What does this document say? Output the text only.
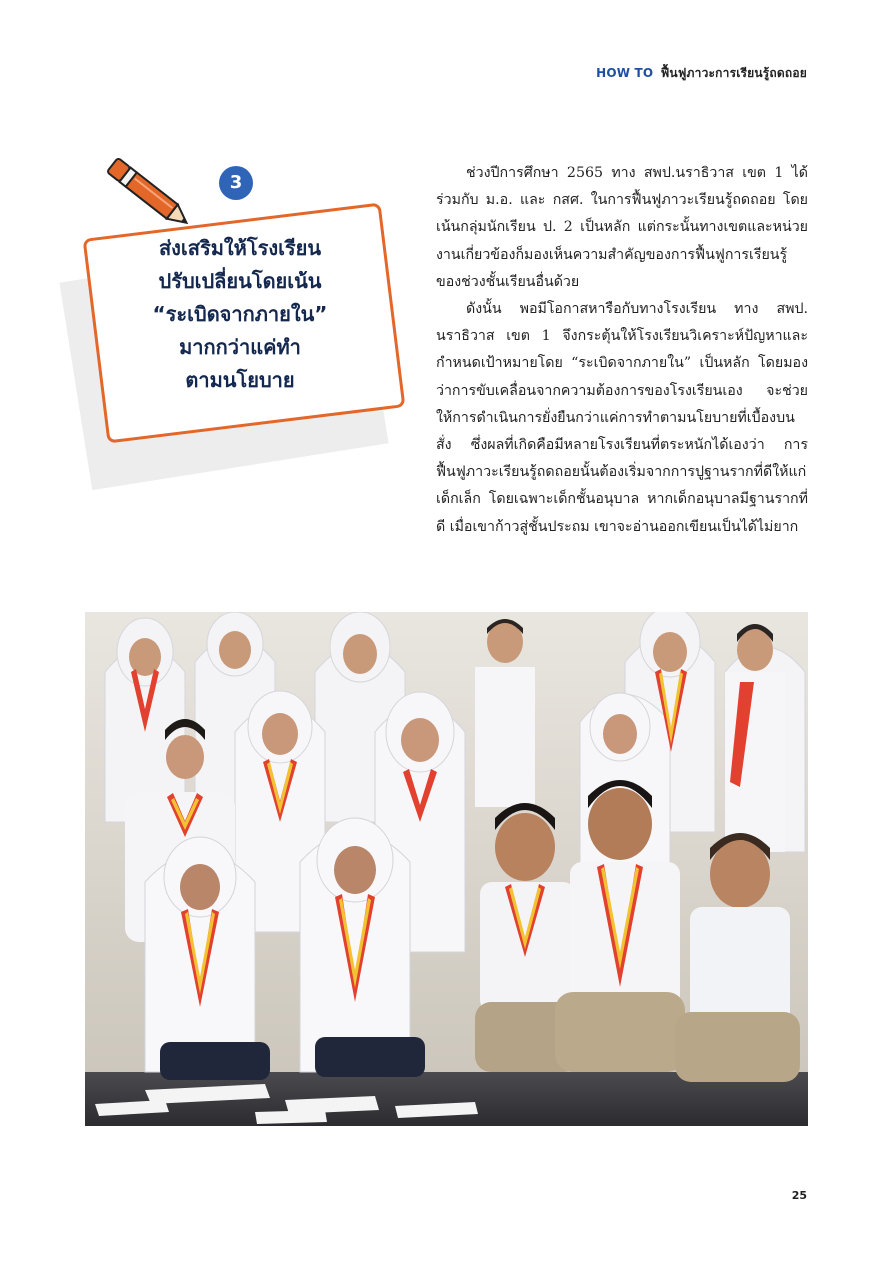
HOW TO ฟื้นฟูภาวะการเรียนรู้ถดถอย
3
ส่งเสริมให้โรงเรียน
ปรับเปลี่ยนโดยเน้น
“ระเบิดจากภายใน”
มากกว่าแค่ทำ
ตามนโยบาย

ช่วงปีการศึกษา 2565 ทาง สพป.นราธิวาส เขต 1 ได้ร่วมกับ ม.อ. และ กสศ. ในการฟื้นฟูภาวะเรียนรู้ถดถอย โดยเน้นกลุ่มนักเรียน ป. 2 เป็นหลัก แต่กระนั้นทางเขตและหน่วยงานเกี่ยวข้องก็มองเห็นความสำคัญของการฟื้นฟูการเรียนรู้ของช่วงชั้นเรียนอื่นด้วย

ดังนั้น พอมีโอกาสหารือกับทางโรงเรียน ทาง สพป. นราธิวาส เขต 1 จึงกระตุ้นให้โรงเรียนวิเคราะห์ปัญหาและกำหนดเป้าหมายโดย “ระเบิดจากภายใน” เป็นหลัก โดยมองว่าการขับเคลื่อนจากความต้องการของโรงเรียนเอง จะช่วยให้การดำเนินการยั่งยืนกว่าแค่การทำตามนโยบายที่เบื้องบนสั่ง ซึ่งผลที่เกิดคือมีหลายโรงเรียนที่ตระหนักได้เองว่า การฟื้นฟูภาวะเรียนรู้ถดถอยนั้นต้องเริ่มจากการปูฐานรากที่ดีให้แก่เด็กเล็ก โดยเฉพาะเด็กชั้นอนุบาล หากเด็กอนุบาลมีฐานรากที่ดี เมื่อเขาก้าวสู่ชั้นประถม เขาจะอ่านออกเขียนเป็นได้ไม่ยาก

25
